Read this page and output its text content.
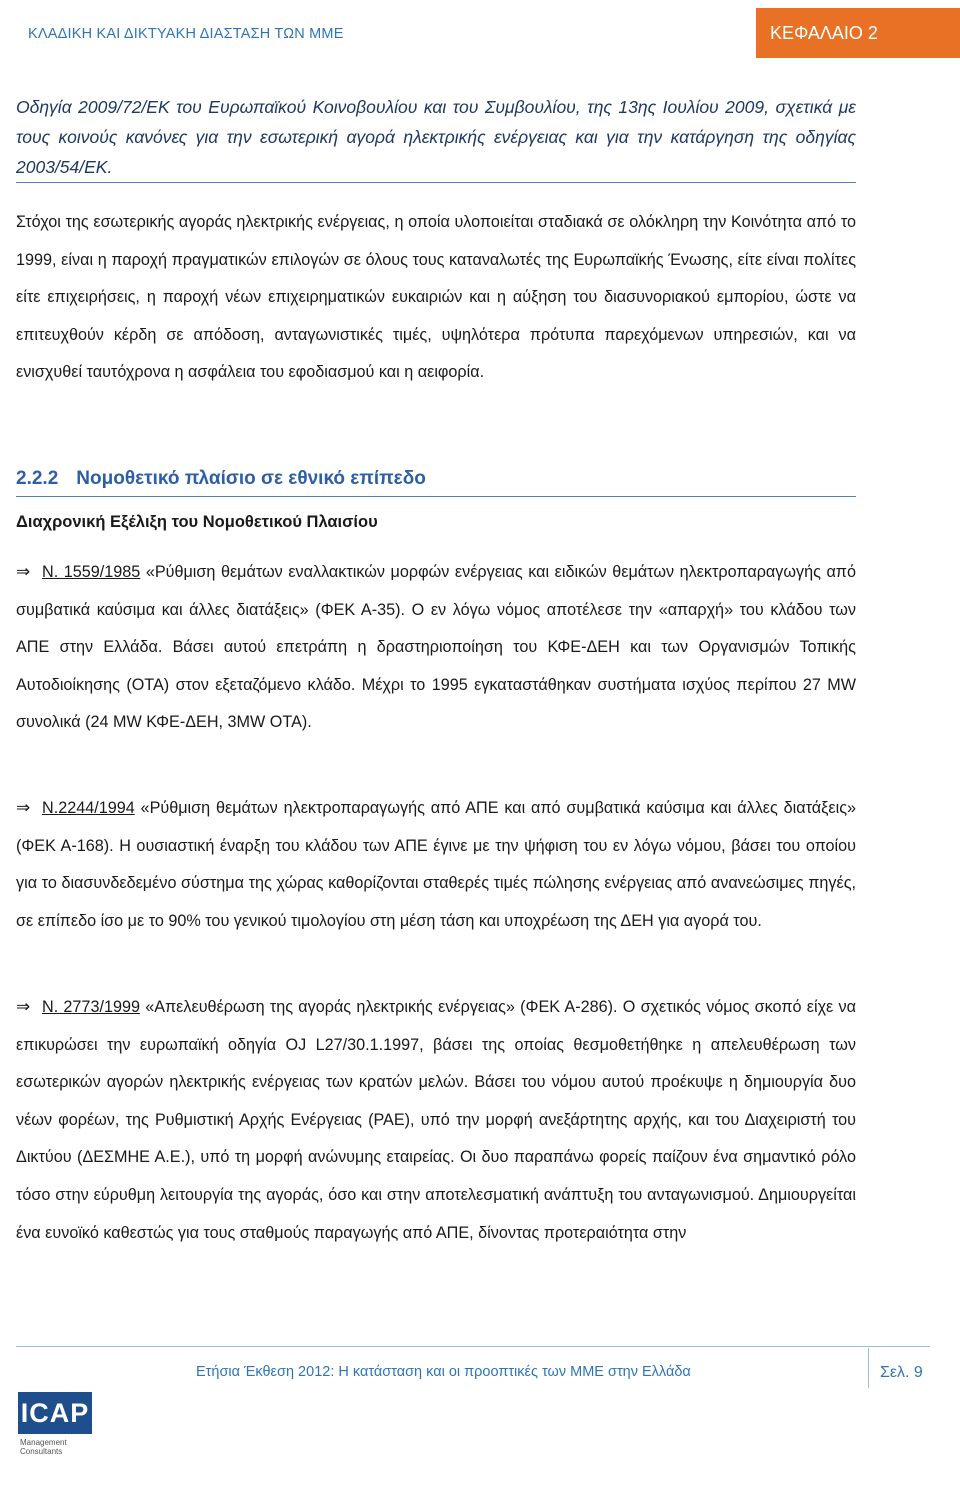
ΚΛΑΔΙΚΗ ΚΑΙ ΔΙΚΤΥΑΚΗ ΔΙΑΣΤΑΣΗ ΤΩΝ ΜΜΕ	ΚΕΦΑΛΑΙΟ 2
Οδηγία 2009/72/ΕΚ του Ευρωπαϊκού Κοινοβουλίου και του Συμβουλίου, της 13ης Ιουλίου 2009, σχετικά με τους κοινούς κανόνες για την εσωτερική αγορά ηλεκτρικής ενέργειας και για την κατάργηση της οδηγίας 2003/54/ΕΚ.
Στόχοι της εσωτερικής αγοράς ηλεκτρικής ενέργειας, η οποία υλοποιείται σταδιακά σε ολόκληρη την Κοινότητα από το 1999, είναι η παροχή πραγματικών επιλογών σε όλους τους καταναλωτές της Ευρωπαϊκής Ένωσης, είτε είναι πολίτες είτε επιχειρήσεις, η παροχή νέων επιχειρηματικών ευκαιριών και η αύξηση του διασυνοριακού εμπορίου, ώστε να επιτευχθούν κέρδη σε απόδοση, ανταγωνιστικές τιμές, υψηλότερα πρότυπα παρεχόμενων υπηρεσιών, και να ενισχυθεί ταυτόχρονα η ασφάλεια του εφοδιασμού και η αειφορία.
2.2.2 Νομοθετικό πλαίσιο σε εθνικό επίπεδο
Διαχρονική Εξέλιξη του Νομοθετικού Πλαισίου
⇒ Ν. 1559/1985 «Ρύθμιση θεμάτων εναλλακτικών μορφών ενέργειας και ειδικών θεμάτων ηλεκτροπαραγωγής από συμβατικά καύσιμα και άλλες διατάξεις» (ΦΕΚ Α-35). Ο εν λόγω νόμος αποτέλεσε την «απαρχή» του κλάδου των ΑΠΕ στην Ελλάδα. Βάσει αυτού επετράπη η δραστηριοποίηση του ΚΦΕ-ΔΕΗ και των Οργανισμών Τοπικής Αυτοδιοίκησης (ΟΤΑ) στον εξεταζόμενο κλάδο. Μέχρι το 1995 εγκαταστάθηκαν συστήματα ισχύος περίπου 27 MW συνολικά (24 MW ΚΦΕ-ΔΕΗ, 3MW ΟΤΑ).
⇒ Ν.2244/1994 «Ρύθμιση θεμάτων ηλεκτροπαραγωγής από ΑΠΕ και από συμβατικά καύσιμα και άλλες διατάξεις» (ΦΕΚ Α-168). Η ουσιαστική έναρξη του κλάδου των ΑΠΕ έγινε με την ψήφιση του εν λόγω νόμου, βάσει του οποίου για το διασυνδεδεμένο σύστημα της χώρας καθορίζονται σταθερές τιμές πώλησης ενέργειας από ανανεώσιμες πηγές, σε επίπεδο ίσο με το 90% του γενικού τιμολογίου στη μέση τάση και υποχρέωση της ΔΕΗ για αγορά του.
⇒ Ν. 2773/1999 «Απελευθέρωση της αγοράς ηλεκτρικής ενέργειας» (ΦΕΚ Α-286). Ο σχετικός νόμος σκοπό είχε να επικυρώσει την ευρωπαϊκή οδηγία OJ L27/30.1.1997, βάσει της οποίας θεσμοθετήθηκε η απελευθέρωση των εσωτερικών αγορών ηλεκτρικής ενέργειας των κρατών μελών. Βάσει του νόμου αυτού προέκυψε η δημιουργία δυο νέων φορέων, της Ρυθμιστική Αρχής Ενέργειας (ΡΑΕ), υπό την μορφή ανεξάρτητης αρχής, και του Διαχειριστή του Δικτύου (ΔΕΣΜΗΕ Α.Ε.), υπό τη μορφή ανώνυμης εταιρείας. Οι δυο παραπάνω φορείς παίζουν ένα σημαντικό ρόλο τόσο στην εύρυθμη λειτουργία της αγοράς, όσο και στην αποτελεσματική ανάπτυξη του ανταγωνισμού. Δημιουργείται ένα ευνοϊκό καθεστώς για τους σταθμούς παραγωγής από ΑΠΕ, δίνοντας προτεραιότητα στην
Ετήσια Έκθεση 2012: Η κατάσταση και οι προοπτικές των ΜΜΕ στην Ελλάδα	Σελ. 9
ICAP
Management Consultants
